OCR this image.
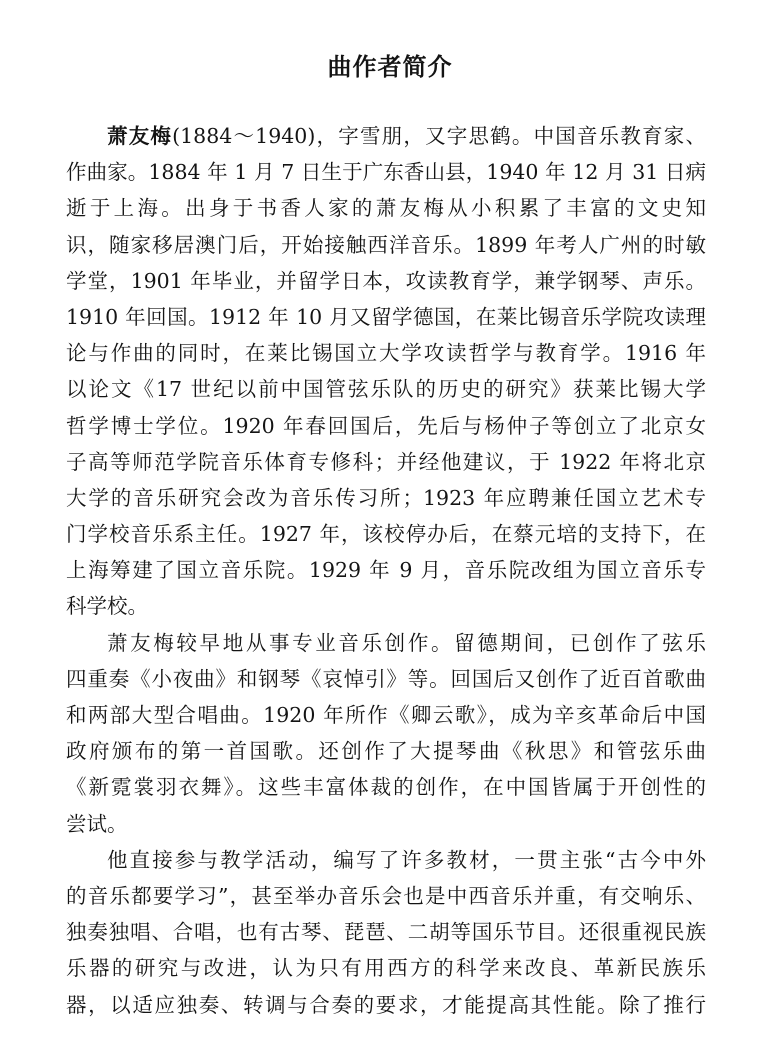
曲作者简介
萧友梅(1884～1940)，字雪朋，又字思鹤。中国音乐教育家、
作曲家。1884 年 1 月 7 日生于广东香山县，1940 年 12 月 31 日病
逝于上海。出身于书香人家的萧友梅从小积累了丰富的文史知
识，随家移居澳门后，开始接触西洋音乐。1899 年考人广州的时敏
学堂，1901 年毕业，并留学日本，攻读教育学，兼学钢琴、声乐。
1910 年回国。1912 年 10 月又留学德国，在莱比锡音乐学院攻读理
论与作曲的同时，在莱比锡国立大学攻读哲学与教育学。1916 年
以论文《17 世纪以前中国管弦乐队的历史的研究》获莱比锡大学
哲学博士学位。1920 年春回国后，先后与杨仲子等创立了北京女
子高等师范学院音乐体育专修科；并经他建议，于 1922 年将北京
大学的音乐研究会改为音乐传习所；1923 年应聘兼任国立艺术专
门学校音乐系主任。1927 年，该校停办后，在蔡元培的支持下，在
上海筹建了国立音乐院。1929 年 9 月，音乐院改组为国立音乐专
科学校。
萧友梅较早地从事专业音乐创作。留德期间，已创作了弦乐
四重奏《小夜曲》和钢琴《哀悼引》等。回国后又创作了近百首歌曲
和两部大型合唱曲。1920 年所作《卿云歌》，成为辛亥革命后中国
政府颁布的第一首国歌。还创作了大提琴曲《秋思》和管弦乐曲
《新霓裳羽衣舞》。这些丰富体裁的创作，在中国皆属于开创性的
尝试。
他直接参与教学活动，编写了许多教材，一贯主张“古今中外
的音乐都要学习”，甚至举办音乐会也是中西音乐并重，有交响乐、
独奏独唱、合唱，也有古琴、琵琶、二胡等国乐节目。还很重视民族
乐器的研究与改进，认为只有用西方的科学来改良、革新民族乐
器，以适应独奏、转调与合奏的要求，才能提高其性能。除了推行
